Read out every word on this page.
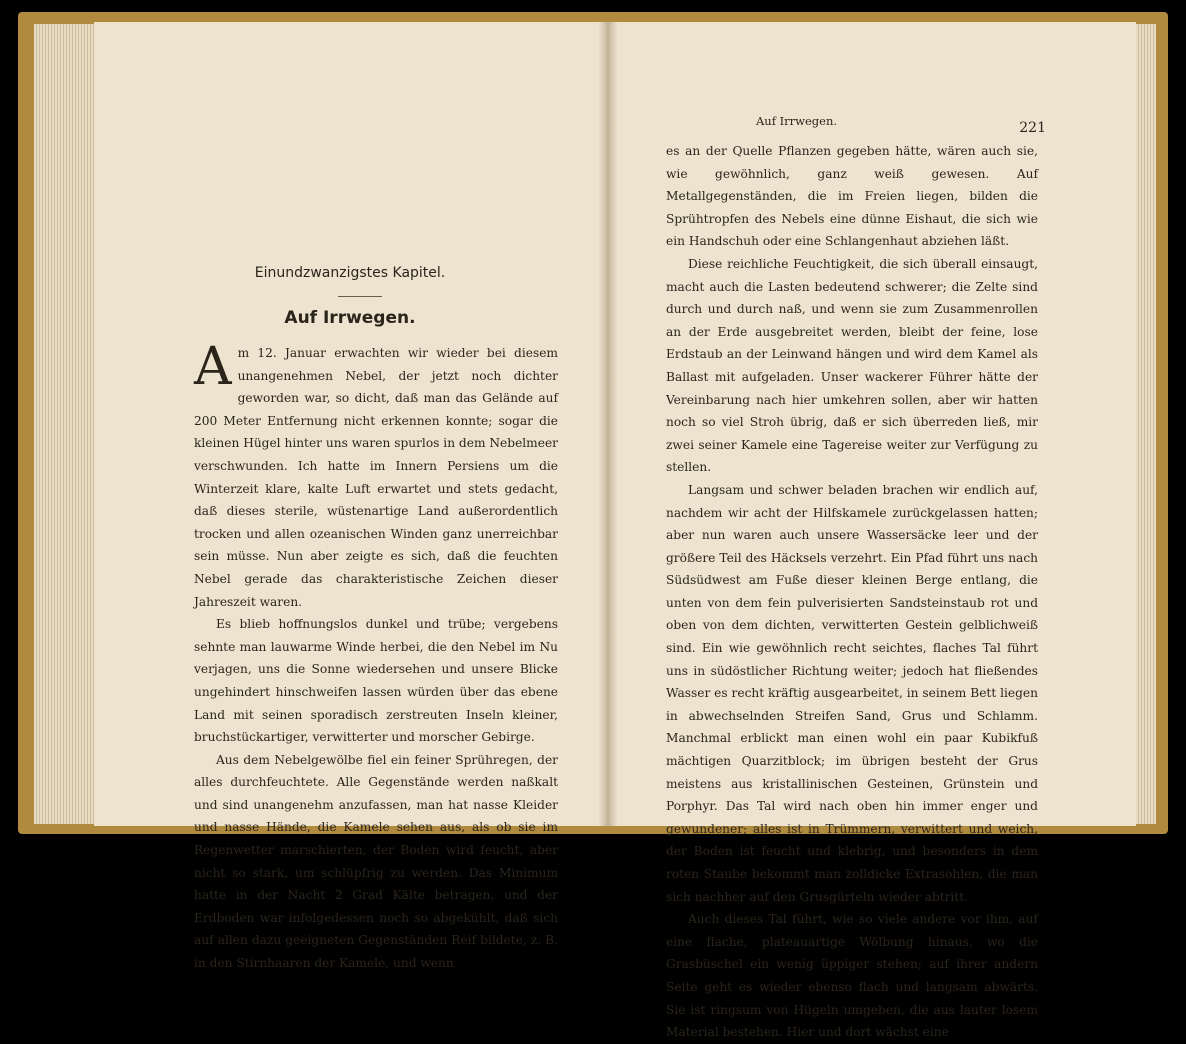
Einundzwanzigstes Kapitel.
Auf Irrwegen.

Am 12. Januar erwachten wir wieder bei diesem unangenehmen Nebel, der jetzt noch dichter geworden war, so dicht, daß man das Gelände auf 200 Meter Entfernung nicht erkennen konnte; sogar die kleinen Hügel hinter uns waren spurlos in dem Nebelmeer verschwunden. Ich hatte im Innern Persiens um die Winterzeit klare, kalte Luft erwartet und stets gedacht, daß dieses sterile, wüstenartige Land außerordentlich trocken und allen ozeanischen Winden ganz unerreichbar sein müsse. Nun aber zeigte es sich, daß die feuchten Nebel gerade das charakteristische Zeichen dieser Jahreszeit waren.

Es blieb hoffnungslos dunkel und trübe; vergebens sehnte man lauwarme Winde herbei, die den Nebel im Nu verjagen, uns die Sonne wiedersehen und unsere Blicke ungehindert hinschweifen lassen würden über das ebene Land mit seinen sporadisch zerstreuten Inseln kleiner, bruchstückartiger, verwitterter und morscher Gebirge.

Aus dem Nebelgewölbe fiel ein feiner Sprühregen, der alles durchfeuchtete. Alle Gegenstände werden naßkalt und sind unangenehm anzufassen, man hat nasse Kleider und nasse Hände, die Kamele sehen aus, als ob sie im Regenwetter marschierten, der Boden wird feucht, aber nicht so stark, um schlüpfrig zu werden. Das Minimum hatte in der Nacht 2 Grad Kälte betragen, und der Erdboden war infolgedessen noch so abgekühlt, daß sich auf allen dazu geeigneten Gegenständen Reif bildete, z. B. in den Stirnhaaren der Kamele, und wenn

Auf Irrwegen.	221

es an der Quelle Pflanzen gegeben hätte, wären auch sie, wie gewöhnlich, ganz weiß gewesen. Auf Metallgegenständen, die im Freien liegen, bilden die Sprühtropfen des Nebels eine dünne Eishaut, die sich wie ein Handschuh oder eine Schlangenhaut abziehen läßt.

Diese reichliche Feuchtigkeit, die sich überall einsaugt, macht auch die Lasten bedeutend schwerer; die Zelte sind durch und durch naß, und wenn sie zum Zusammenrollen an der Erde ausgebreitet werden, bleibt der feine, lose Erdstaub an der Leinwand hängen und wird dem Kamel als Ballast mit aufgeladen. Unser wackerer Führer hätte der Vereinbarung nach hier umkehren sollen, aber wir hatten noch so viel Stroh übrig, daß er sich überreden ließ, mir zwei seiner Kamele eine Tagereise weiter zur Verfügung zu stellen.

Langsam und schwer beladen brachen wir endlich auf, nachdem wir acht der Hilfskamele zurückgelassen hatten; aber nun waren auch unsere Wassersäcke leer und der größere Teil des Häcksels verzehrt. Ein Pfad führt uns nach Südsüdwest am Fuße dieser kleinen Berge entlang, die unten von dem fein pulverisierten Sandsteinstaub rot und oben von dem dichten, verwitterten Gestein gelblichweiß sind. Ein wie gewöhnlich recht seichtes, flaches Tal führt uns in südöstlicher Richtung weiter; jedoch hat fließendes Wasser es recht kräftig ausgearbeitet, in seinem Bett liegen in abwechselnden Streifen Sand, Grus und Schlamm. Manchmal erblickt man einen wohl ein paar Kubikfuß mächtigen Quarzitblock; im übrigen besteht der Grus meistens aus kristallinischen Gesteinen, Grünstein und Porphyr. Das Tal wird nach oben hin immer enger und gewundener; alles ist in Trümmern, verwittert und weich, der Boden ist feucht und klebrig, und besonders in dem roten Staube bekommt man zolldicke Extrasohlen, die man sich nachher auf den Grusgürteln wieder abtritt.

Auch dieses Tal führt, wie so viele andere vor ihm, auf eine flache, plateauartige Wölbung hinaus, wo die Grasbüschel ein wenig üppiger stehen; auf ihrer andern Seite geht es wieder ebenso flach und langsam abwärts. Sie ist ringsum von Hügeln umgeben, die aus lauter losem Material bestehen. Hier und dort wächst eine
